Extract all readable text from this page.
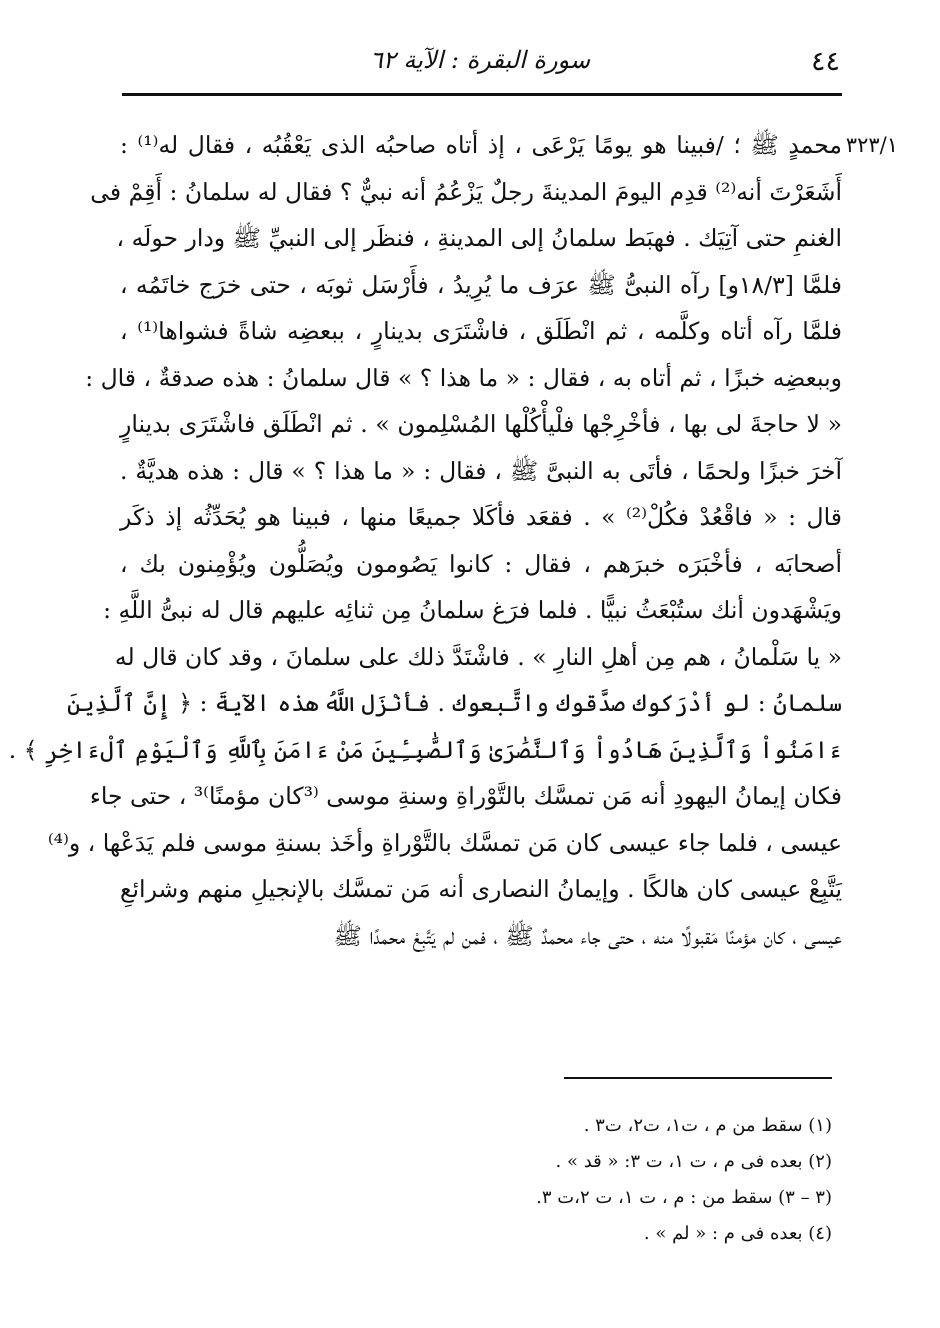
٤٤
سورة البقرة : الآية ٦٢
٣٢٣/١
محمدٍ ﷺ ؛ /فبينا هو يومًا يَرْعَى ، إذ أتاه صاحبُه الذى يَعْقُبُه ، فقال له⁽¹⁾ :
أَشَعَرْتَ أنه⁽²⁾ قدِم اليومَ المدينةَ رجلٌ يَزْعُمُ أنه نبيٌّ ؟ فقال له سلمانُ : أَقِمْ فى
الغنمِ حتى آتِيَك . فهبَط سلمانُ إلى المدينةِ ، فنظَر إلى النبيِّ ﷺ ودار حولَه ،
فلمَّا [١٨/٣و] رآه النبىُّ ﷺ عرَف ما يُرِيدُ ، فأَرْسَل ثوبَه ، حتى خرَج خاتَمُه ،
فلمَّا رآه أتاه وكلَّمه ، ثم انْطَلَق ، فاشْتَرَى بدينارٍ ، ببعضِه شاةً فشواها⁽¹⁾ ،
وببعضِه خبزًا ، ثم أتاه به ، فقال : « ما هذا ؟ » قال سلمانُ : هذه صدقةٌ ، قال :
« لا حاجةَ لى بها ، فأخْرِجْها فلْيأْكُلْها المُسْلِمون » . ثم انْطَلَق فاشْتَرَى بدينارٍ
آخرَ خبزًا ولحمًا ، فأتَى به النبىَّ ﷺ ، فقال : « ما هذا ؟ » قال : هذه هديَّةٌ .
قال : « فاقْعُدْ فكُلْ⁽²⁾ » . فقعَد فأكَلا جميعًا منها ، فبينا هو يُحَدِّثُه إذ ذكَر
أصحابَه ، فأخْبَرَه خبرَهم ، فقال : كانوا يَصُومون ويُصَلُّون ويُؤْمِنون بك ،
ويَشْهَدون أنك ستُبْعَثُ نبيًّا . فلما فرَغ سلمانُ مِن ثنائِه عليهم قال له نبىُّ اللَّهِ :
« يا سَلْمانُ ، هم مِن أهلِ النارِ » . فاشْتَدَّ ذلك على سلمانَ ، وقد كان قال له
سلمانُ : لو أدْرَكوك صدَّقوك واتَّبعوك . فأنْزَل اللَّهُ هذه الآيةَ : ﴿ إِنَّ ٱلَّذِينَ
ءَامَنُواْ وَٱلَّذِينَ هَادُواْ وَٱلنَّصَٰرَىٰ وَٱلصَّٰبِـِٔينَ مَنْ ءَامَنَ بِٱللَّهِ وَٱلْيَوْمِ ٱلْءَاخِرِ ﴾ .
فكان إيمانُ اليهودِ أنه مَن تمسَّك بالتَّوْراةِ وسنةِ موسى ⁽³كان مؤمنًا⁾³ ، حتى جاء
عيسى ، فلما جاء عيسى كان مَن تمسَّك بالتَّوْراةِ وأخَذ بسنةِ موسى فلم يَدَعْها ، و⁽⁴⁾
يَتَّبِعْ عيسى كان هالكًا . وإيمانُ النصارى أنه مَن تمسَّك بالإنجيلِ منهم وشرائعِ
عيسى ، كان مؤمنًا مَقبولًا منه ، حتى جاء محمدٌ ﷺ ، فمن لم يَتَّبِعْ محمدًا ﷺ
(١) سقط من م ، ت١، ت٢، ت٣ .
(٢) بعده فى م ، ت ١، ت ٣: « قد » .
(٣ – ٣) سقط من : م ، ت ١، ت ٢،ت ٣.
(٤) بعده فى م : « لم » .
